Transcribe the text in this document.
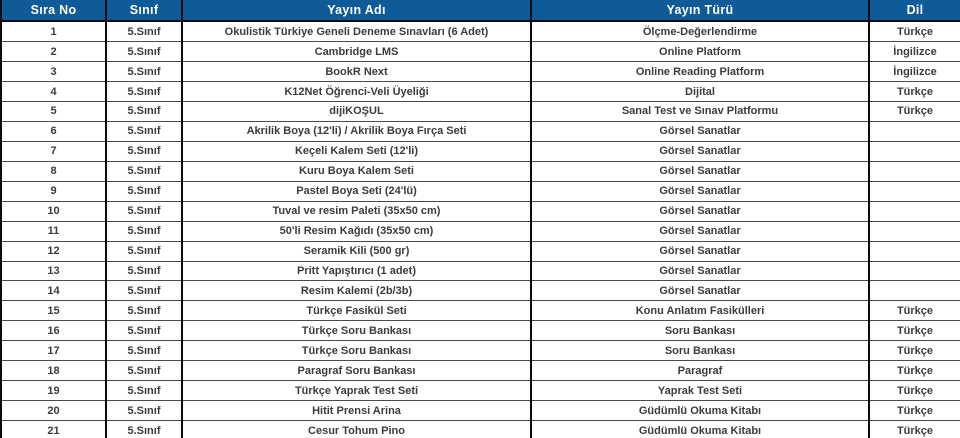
Sıra No	Sınıf	Yayın Adı	Yayın Türü	Dil
1	5.Sınıf	Okulistik Türkiye Geneli Deneme Sınavları (6 Adet)	Ölçme-Değerlendirme	Türkçe
2	5.Sınıf	Cambridge LMS	Online Platform	İngilizce
3	5.Sınıf	BookR Next	Online Reading Platform	İngilizce
4	5.Sınıf	K12Net Öğrenci-Veli Üyeliği	Dijital	Türkçe
5	5.Sınıf	dijiKOŞUL	Sanal Test ve Sınav Platformu	Türkçe
6	5.Sınıf	Akrilik Boya (12'li) / Akrilik Boya Fırça Seti	Görsel Sanatlar	
7	5.Sınıf	Keçeli Kalem Seti (12'li)	Görsel Sanatlar	
8	5.Sınıf	Kuru Boya Kalem Seti	Görsel Sanatlar	
9	5.Sınıf	Pastel Boya Seti (24'lü)	Görsel Sanatlar	
10	5.Sınıf	Tuval ve resim Paleti (35x50 cm)	Görsel Sanatlar	
11	5.Sınıf	50'li Resim Kağıdı (35x50 cm)	Görsel Sanatlar	
12	5.Sınıf	Seramik Kili (500 gr)	Görsel Sanatlar	
13	5.Sınıf	Pritt Yapıştırıcı (1 adet)	Görsel Sanatlar	
14	5.Sınıf	Resim Kalemi (2b/3b)	Görsel Sanatlar	
15	5.Sınıf	Türkçe Fasikül Seti	Konu Anlatım Fasikülleri	Türkçe
16	5.Sınıf	Türkçe Soru Bankası	Soru Bankası	Türkçe
17	5.Sınıf	Türkçe Soru Bankası	Soru Bankası	Türkçe
18	5.Sınıf	Paragraf Soru Bankası	Paragraf	Türkçe
19	5.Sınıf	Türkçe Yaprak Test Seti	Yaprak Test Seti	Türkçe
20	5.Sınıf	Hitit Prensi Arina	Güdümlü Okuma Kitabı	Türkçe
21	5.Sınıf	Cesur Tohum Pino	Güdümlü Okuma Kitabı	Türkçe
